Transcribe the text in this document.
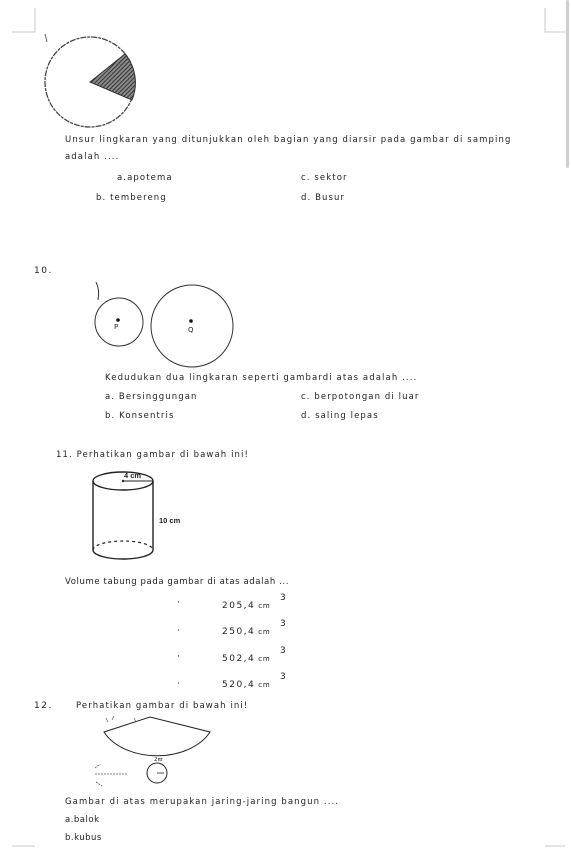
Unsur lingkaran yang ditunjukkan oleh bagian yang diarsir pada gambar di samping
adalah ....
a.apotema	c. sektor
b. tembereng	d. Busur
10.
P	Q
Kedudukan dua lingkaran seperti gambardi atas adalah ....
a. Bersinggungan	c. berpotongan di luar
b. Konsentris	d. saling lepas
11. Perhatikan gambar di bawah ini!
4 cm
10 cm
Volume tabung pada gambar di atas adalah ...
·	205,4 cm
3
·	250,4 cm
3
·	502,4 cm
3
·	520,4 cm
3
12.	Perhatikan gambar di bawah ini!
2πr
Gambar di atas merupakan jaring-jaring bangun ....
a.balok
b.kubus
